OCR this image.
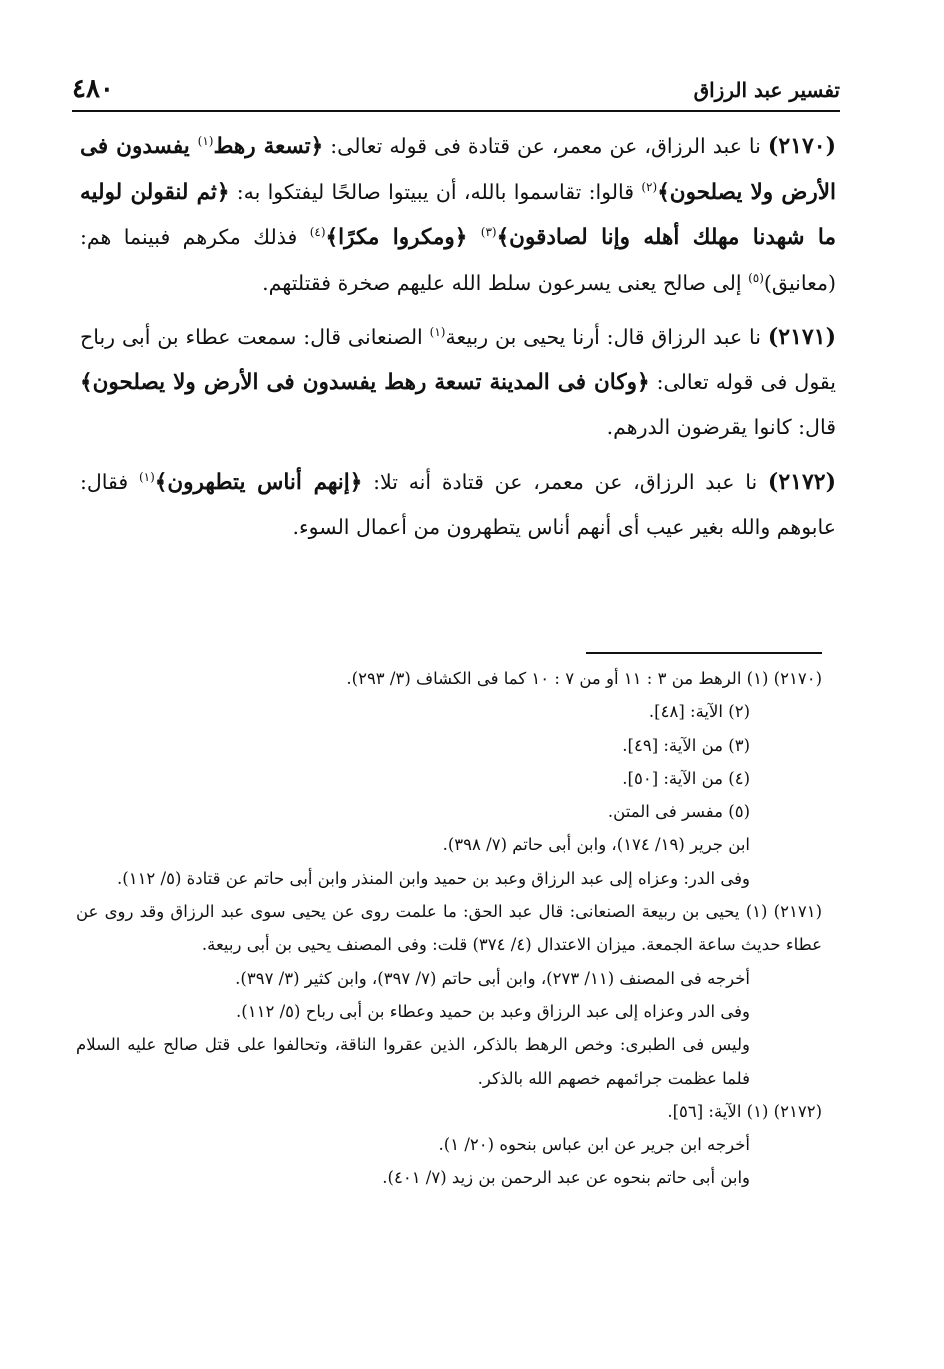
٤٨٠	تفسير عبد الرزاق

(٢١٧٠) نا عبد الرزاق، عن معمر، عن قتادة فى قوله تعالى: ﴿تسعة رهط$^{(١)}$ يفسدون فى الأرض ولا يصلحون﴾$^{(٢)}$ قالوا: تقاسموا بالله، أن يبيتوا صالحًا ليفتكوا به: ﴿ثم لنقولن لوليه ما شهدنا مهلك أهله وإنا لصادقون﴾$^{(٣)}$ ﴿ومكروا مكرًا﴾$^{(٤)}$ فذلك مكرهم فبينما هم: (معانيق)$^{(٥)}$ إلى صالح يعنى يسرعون سلط الله عليهم صخرة فقتلتهم.

(٢١٧١) نا عبد الرزاق قال: أرنا يحيى بن ربيعة$^{(١)}$ الصنعانى قال: سمعت عطاء بن أبى رباح يقول فى قوله تعالى: ﴿وكان فى المدينة تسعة رهط يفسدون فى الأرض ولا يصلحون﴾ قال: كانوا يقرضون الدرهم.

(٢١٧٢) نا عبد الرزاق، عن معمر، عن قتادة أنه تلا: ﴿إنهم أناس يتطهرون﴾$^{(١)}$ فقال: عابوهم والله بغير عيب أى أنهم أناس يتطهرون من أعمال السوء.

(٢١٧٠) (١) الرهط من ٣ : ١١ أو من ٧ : ١٠ كما فى الكشاف (٣/ ٢٩٣).
(٢) الآية: [٤٨].
(٣) من الآية: [٤٩].
(٤) من الآية: [٥٠].
(٥) مفسر فى المتن.
ابن جرير (١٩/ ١٧٤)، وابن أبى حاتم (٧/ ٣٩٨).
وفى الدر: وعزاه إلى عبد الرزاق وعبد بن حميد وابن المنذر وابن أبى حاتم عن قتادة (٥/ ١١٢).
(٢١٧١) (١) يحيى بن ربيعة الصنعانى: قال عبد الحق: ما علمت روى عن يحيى سوى عبد الرزاق وقد روى عن عطاء حديث ساعة الجمعة. ميزان الاعتدال (٤/ ٣٧٤) قلت: وفى المصنف يحيى بن أبى ربيعة.
أخرجه فى المصنف (١١/ ٢٧٣)، وابن أبى حاتم (٧/ ٣٩٧)، وابن كثير (٣/ ٣٩٧).
وفى الدر وعزاه إلى عبد الرزاق وعبد بن حميد وعطاء بن أبى رباح (٥/ ١١٢).
وليس فى الطبرى: وخص الرهط بالذكر، الذين عقروا الناقة، وتحالفوا على قتل صالح عليه السلام فلما عظمت جرائمهم خصهم الله بالذكر.
(٢١٧٢) (١) الآية: [٥٦].
أخرجه ابن جرير عن ابن عباس بنحوه (٢٠/ ١).
وابن أبى حاتم بنحوه عن عبد الرحمن بن زيد (٧/ ٤٠١).
